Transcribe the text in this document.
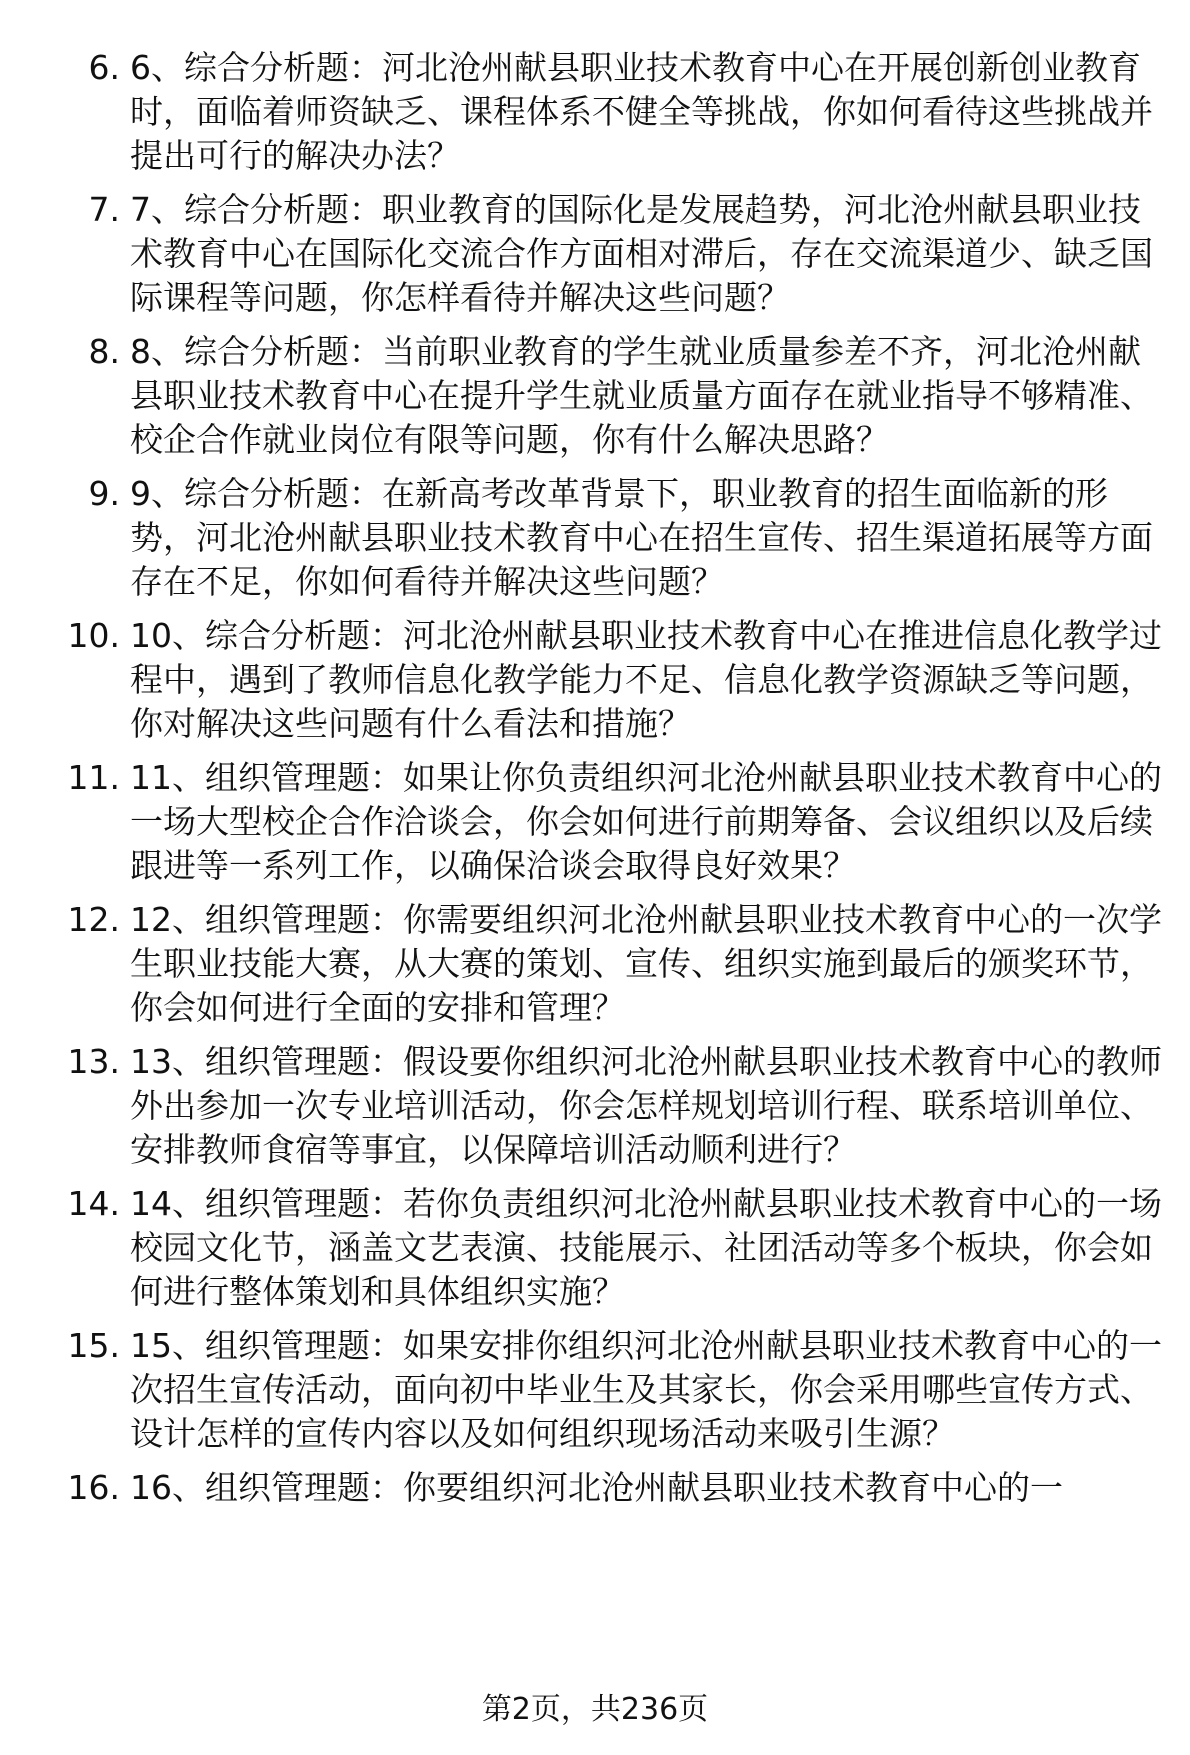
6. 6、综合分析题：河北沧州献县职业技术教育中心在开展创新创业教育时，面临着师资缺乏、课程体系不健全等挑战，你如何看待这些挑战并提出可行的解决办法？
7. 7、综合分析题：职业教育的国际化是发展趋势，河北沧州献县职业技术教育中心在国际化交流合作方面相对滞后，存在交流渠道少、缺乏国际课程等问题，你怎样看待并解决这些问题？
8. 8、综合分析题：当前职业教育的学生就业质量参差不齐，河北沧州献县职业技术教育中心在提升学生就业质量方面存在就业指导不够精准、校企合作就业岗位有限等问题，你有什么解决思路？
9. 9、综合分析题：在新高考改革背景下，职业教育的招生面临新的形势，河北沧州献县职业技术教育中心在招生宣传、招生渠道拓展等方面存在不足，你如何看待并解决这些问题？
10. 10、综合分析题：河北沧州献县职业技术教育中心在推进信息化教学过程中，遇到了教师信息化教学能力不足、信息化教学资源缺乏等问题，你对解决这些问题有什么看法和措施？
11. 11、组织管理题：如果让你负责组织河北沧州献县职业技术教育中心的一场大型校企合作洽谈会，你会如何进行前期筹备、会议组织以及后续跟进等一系列工作，以确保洽谈会取得良好效果？
12. 12、组织管理题：你需要组织河北沧州献县职业技术教育中心的一次学生职业技能大赛，从大赛的策划、宣传、组织实施到最后的颁奖环节，你会如何进行全面的安排和管理？
13. 13、组织管理题：假设要你组织河北沧州献县职业技术教育中心的教师外出参加一次专业培训活动，你会怎样规划培训行程、联系培训单位、安排教师食宿等事宜，以保障培训活动顺利进行？
14. 14、组织管理题：若你负责组织河北沧州献县职业技术教育中心的一场校园文化节，涵盖文艺表演、技能展示、社团活动等多个板块，你会如何进行整体策划和具体组织实施？
15. 15、组织管理题：如果安排你组织河北沧州献县职业技术教育中心的一次招生宣传活动，面向初中毕业生及其家长，你会采用哪些宣传方式、设计怎样的宣传内容以及如何组织现场活动来吸引生源？
16. 16、组织管理题：你要组织河北沧州献县职业技术教育中心的一
第2页，共236页
